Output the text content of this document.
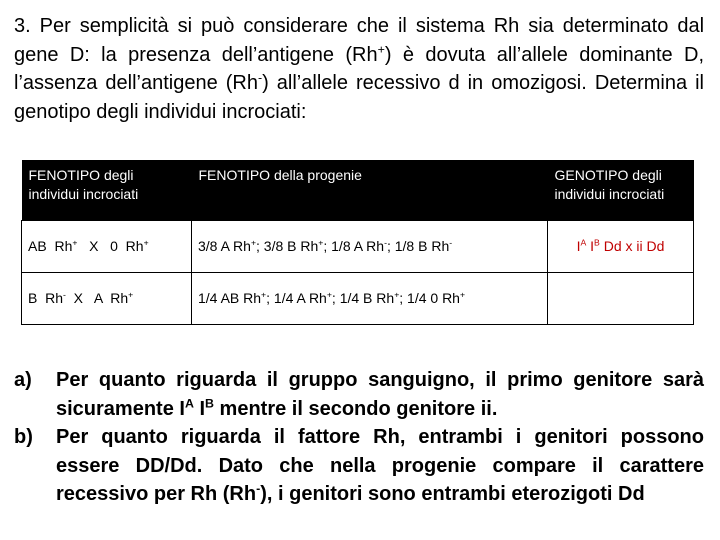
3. Per semplicità si può considerare che il sistema Rh sia determinato dal gene D: la presenza dell’antigene (Rh+) è dovuta all’allele dominante D, l’assenza dell’antigene (Rh-) all’allele recessivo d in omozigosi. Determina il genotipo degli individui incrociati:

FENOTIPO degli individui incrociati	FENOTIPO della progenie	GENOTIPO degli individui incrociati
AB  Rh+   X   0  Rh+	3/8 A Rh+; 3/8 B Rh+; 1/8 A Rh-; 1/8 B Rh-	$I^A$ $I^B$ Dd x ii Dd
B  Rh-  X   A  Rh+	1/4 AB Rh+; 1/4 A Rh+; 1/4 B Rh+; 1/4 0 Rh+	
a)	Per quanto riguarda il gruppo sanguigno, il primo genitore sarà sicuramente $I^A$ $I^B$ mentre il secondo genitore ii.
b)	Per quanto riguarda il fattore Rh, entrambi i genitori possono essere DD/Dd. Dato che nella progenie compare il carattere recessivo per Rh (Rh-), i genitori sono entrambi eterozigoti Dd
